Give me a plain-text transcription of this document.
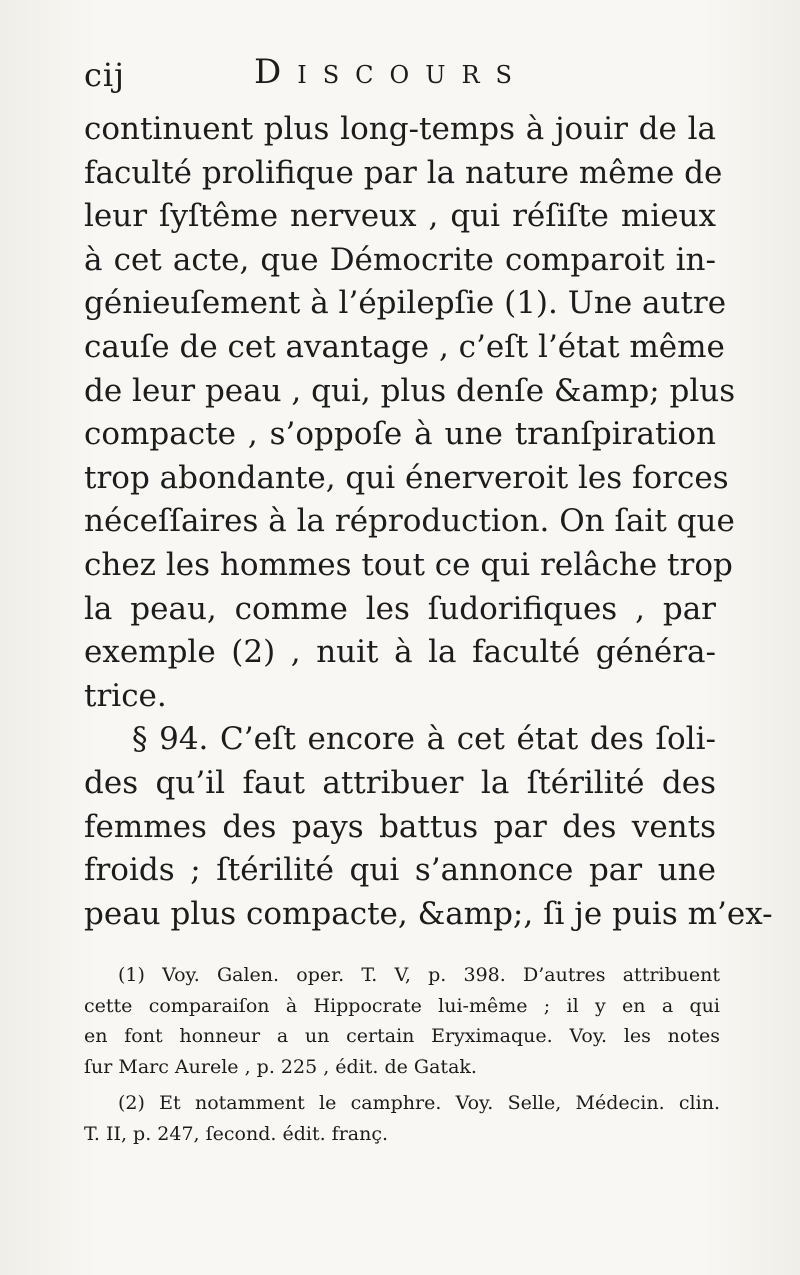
cij	Discours
continuent plus long-temps à jouir de la
faculté prolifique par la nature même de
leur ſyſtême nerveux , qui réſiſte mieux
à cet acte, que Démocrite comparoit in-
génieuſement à l’épilepſie (1). Une autre
cauſe de cet avantage , c’eſt l’état même
de leur peau , qui, plus denſe &amp; plus
compacte , s’oppoſe à une tranſpiration
trop abondante, qui énerveroit les forces
néceſſaires à la réproduction. On ſait que
chez les hommes tout ce qui relâche trop
la peau, comme les ſudorifiques , par
exemple (2) , nuit à la faculté généra-
trice.
§ 94. C’eſt encore à cet état des ſoli-
des qu’il faut attribuer la ſtérilité des
femmes des pays battus par des vents
froids ; ſtérilité qui s’annonce par une
peau plus compacte, &amp;, ſi je puis m’ex-
(1) Voy. Galen. oper. T. V, p. 398. D’autres attribuent
cette comparaiſon à Hippocrate lui-même ; il y en a qui
en font honneur a un certain Eryximaque. Voy. les notes
ſur Marc Aurele , p. 225 , édit. de Gatak.
(2) Et notamment le camphre. Voy. Selle, Médecin. clin.
T. II, p. 247, ſecond. édit. franç.
